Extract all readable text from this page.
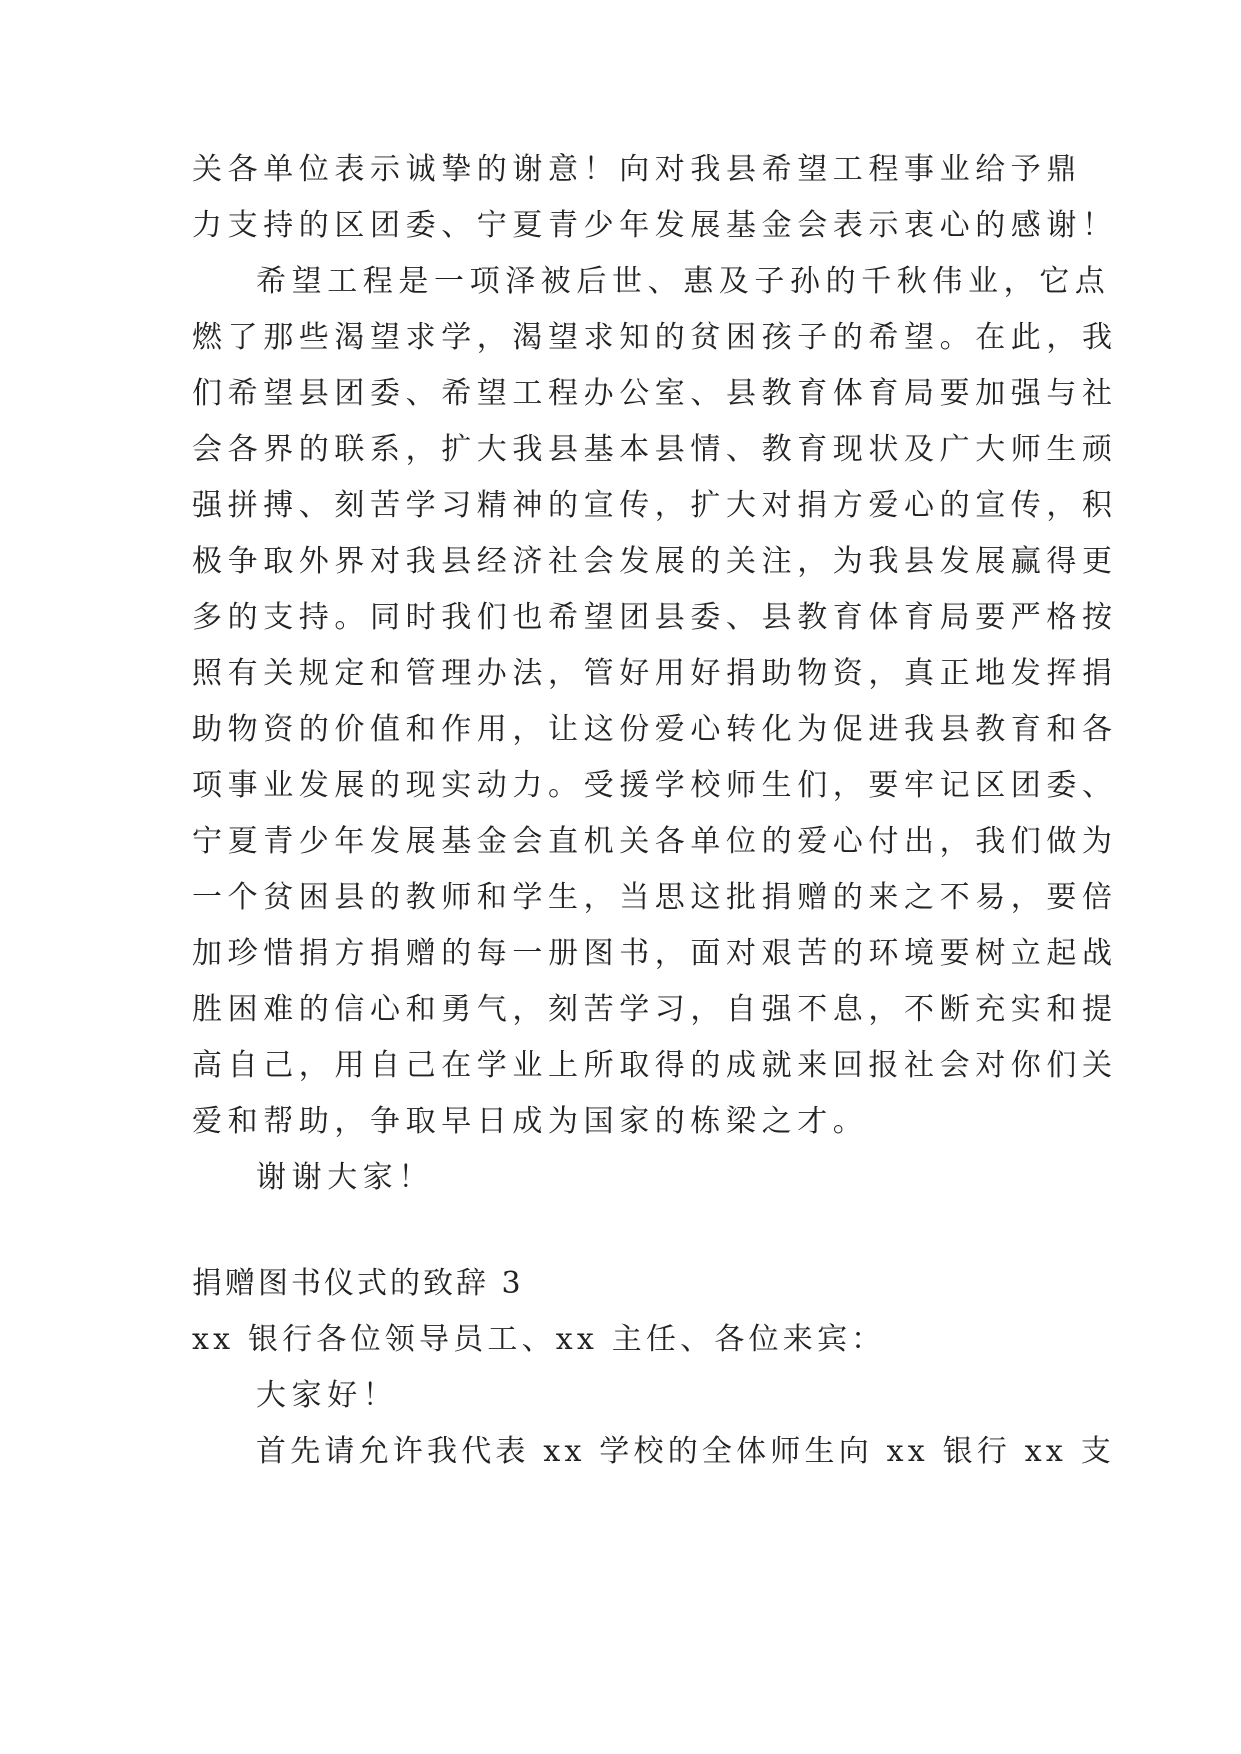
关各单位表示诚挚的谢意！向对我县希望工程事业给予鼎
力支持的区团委、宁夏青少年发展基金会表示衷心的感谢！
希望工程是一项泽被后世、惠及子孙的千秋伟业，它点
燃了那些渴望求学，渴望求知的贫困孩子的希望。在此，我
们希望县团委、希望工程办公室、县教育体育局要加强与社
会各界的联系，扩大我县基本县情、教育现状及广大师生顽
强拼搏、刻苦学习精神的宣传，扩大对捐方爱心的宣传，积
极争取外界对我县经济社会发展的关注，为我县发展赢得更
多的支持。同时我们也希望团县委、县教育体育局要严格按
照有关规定和管理办法，管好用好捐助物资，真正地发挥捐
助物资的价值和作用，让这份爱心转化为促进我县教育和各
项事业发展的现实动力。受援学校师生们，要牢记区团委、
宁夏青少年发展基金会直机关各单位的爱心付出，我们做为
一个贫困县的教师和学生，当思这批捐赠的来之不易，要倍
加珍惜捐方捐赠的每一册图书，面对艰苦的环境要树立起战
胜困难的信心和勇气，刻苦学习，自强不息，不断充实和提
高自己，用自己在学业上所取得的成就来回报社会对你们关
爱和帮助，争取早日成为国家的栋梁之才。
谢谢大家！
捐赠图书仪式的致辞 3
xx 银行各位领导员工、xx 主任、各位来宾：
大家好！
首先请允许我代表 xx 学校的全体师生向 xx 银行 xx 支
